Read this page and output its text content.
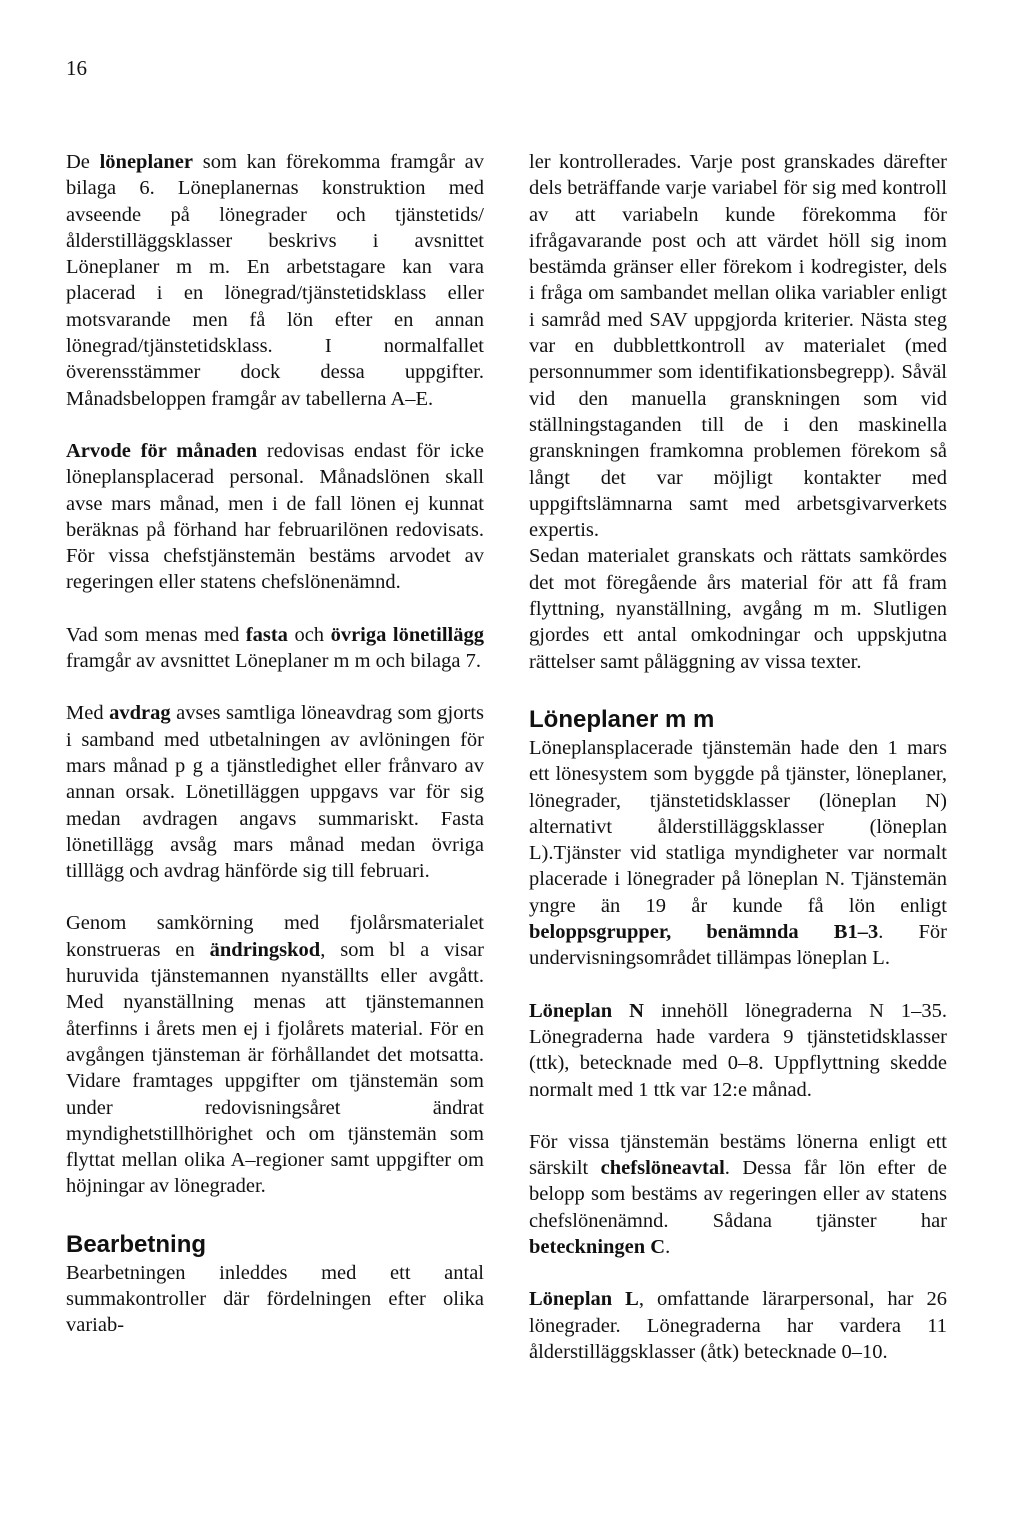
16

De löneplaner som kan förekomma framgår av bilaga 6. Löneplanernas konstruktion med avseende på lönegrader och tjänstetids/ålderstilläggsklasser beskrivs i avsnittet Löneplaner m m. En arbetstagare kan vara placerad i en lönegrad/tjänstetidsklass eller motsvarande men få lön efter en annan lönegrad/tjänstetidsklass. I normalfallet överensstämmer dock dessa uppgifter. Månadsbeloppen framgår av tabellerna A–E.

Arvode för månaden redovisas endast för icke löneplansplacerad personal. Månadslönen skall avse mars månad, men i de fall lönen ej kunnat beräknas på förhand har februarilönen redovisats. För vissa chefstjänstemän bestäms arvodet av regeringen eller statens chefslönenämnd.

Vad som menas med fasta och övriga lönetillägg framgår av avsnittet Löneplaner m m och bilaga 7.

Med avdrag avses samtliga löneavdrag som gjorts i samband med utbetalningen av avlöningen för mars månad p g a tjänstledighet eller frånvaro av annan orsak. Lönetilläggen uppgavs var för sig medan avdragen angavs summariskt. Fasta lönetillägg avsåg mars månad medan övriga tilllägg och avdrag hänförde sig till februari.

Genom samkörning med fjolårsmaterialet konstrueras en ändringskod, som bl a visar huruvida tjänstemannen nyanställts eller avgått. Med nyanställning menas att tjänstemannen återfinns i årets men ej i fjolårets material. För en avgången tjänsteman är förhållandet det motsatta. Vidare framtages uppgifter om tjänstemän som under redovisningsåret ändrat myndighetstillhörighet och om tjänstemän som flyttat mellan olika A–regioner samt uppgifter om höjningar av lönegrader.

Bearbetning

Bearbetningen inleddes med ett antal summakontroller där fördelningen efter olika variab-

ler kontrollerades. Varje post granskades därefter dels beträffande varje variabel för sig med kontroll av att variabeln kunde förekomma för ifrågavarande post och att värdet höll sig inom bestämda gränser eller förekom i kodregister, dels i fråga om sambandet mellan olika variabler enligt i samråd med SAV uppgjorda kriterier. Nästa steg var en dubblettkontroll av materialet (med personnummer som identifikationsbegrepp). Såväl vid den manuella granskningen som vid ställningstaganden till de i den maskinella granskningen framkomna problemen förekom så långt det var möjligt kontakter med uppgiftslämnarna samt med arbetsgivarverkets expertis.

Sedan materialet granskats och rättats samkördes det mot föregående års material för att få fram flyttning, nyanställning, avgång m m. Slutligen gjordes ett antal omkodningar och uppskjutna rättelser samt påläggning av vissa texter.

Löneplaner m m

Löneplansplacerade tjänstemän hade den 1 mars ett lönesystem som byggde på tjänster, löneplaner, lönegrader, tjänstetidsklasser (löneplan N) alternativt ålderstilläggsklasser (löneplan L).Tjänster vid statliga myndigheter var normalt placerade i lönegrader på löneplan N. Tjänstemän yngre än 19 år kunde få lön enligt beloppsgrupper, benämnda B1–3. För undervisningsområdet tillämpas löneplan L.

Löneplan N innehöll lönegraderna N 1–35. Lönegraderna hade vardera 9 tjänstetidsklasser (ttk), betecknade med 0–8. Uppflyttning skedde normalt med 1 ttk var 12:e månad.

För vissa tjänstemän bestäms lönerna enligt ett särskilt chefslöneavtal. Dessa får lön efter de belopp som bestäms av regeringen eller av statens chefslönenämnd. Sådana tjänster har beteckningen C.

Löneplan L, omfattande lärarpersonal, har 26 lönegrader. Lönegraderna har vardera 11 ålderstilläggsklasser (åtk) betecknade 0–10.
